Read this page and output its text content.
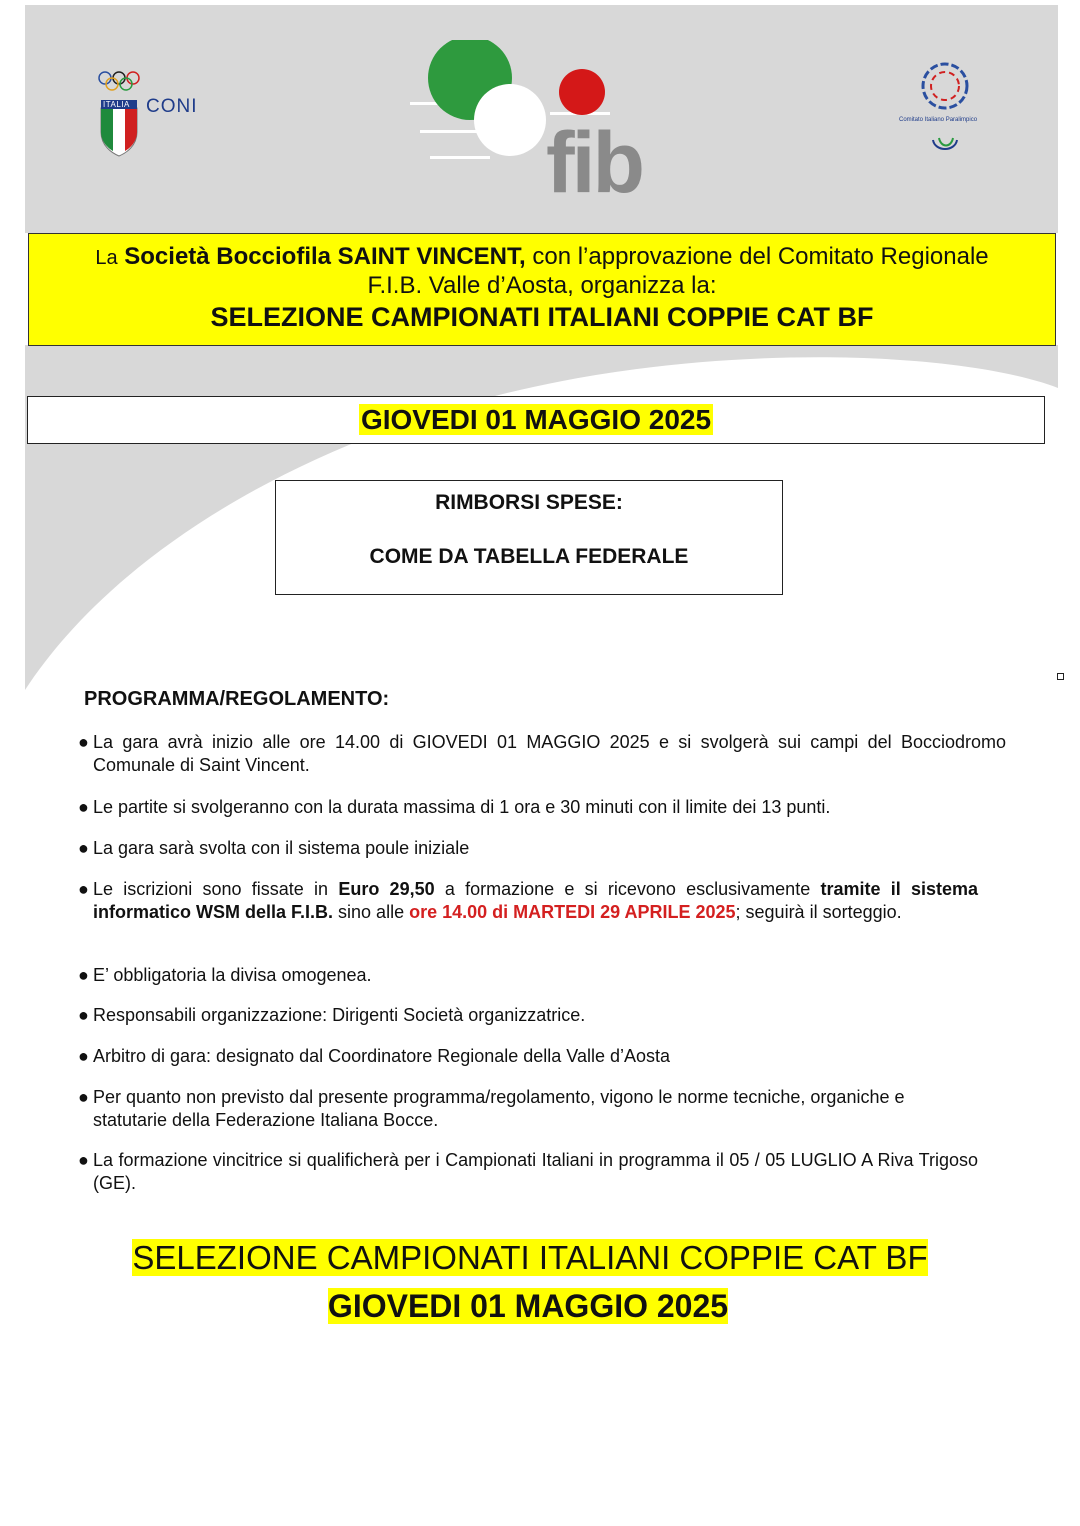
ITALIA CONI
fib	Comitato Italiano Paralimpico
La Società Bocciofila SAINT VINCENT, con l’approvazione del Comitato Regionale
F.I.B. Valle d’Aosta, organizza la:
SELEZIONE CAMPIONATI ITALIANI COPPIE CAT BF
GIOVEDI 01 MAGGIO 2025
RIMBORSI SPESE:
COME DA TABELLA FEDERALE
PROGRAMMA/REGOLAMENTO:
● La gara avrà inizio alle ore 14.00 di GIOVEDI 01 MAGGIO 2025 e si svolgerà sui campi del Bocciodromo Comunale di Saint Vincent.
● Le partite si svolgeranno con la durata massima di 1 ora e 30 minuti con il limite dei 13 punti.
● La gara sarà svolta con il sistema poule iniziale
● Le iscrizioni sono fissate in Euro 29,50 a formazione e si ricevono esclusivamente tramite il sistema informatico WSM della F.I.B. sino alle ore 14.00 di MARTEDI 29 APRILE 2025; seguirà il sorteggio.
● E’ obbligatoria la divisa omogenea.
● Responsabili organizzazione: Dirigenti Società organizzatrice.
● Arbitro di gara: designato dal Coordinatore Regionale della Valle d’Aosta
● Per quanto non previsto dal presente programma/regolamento, vigono le norme tecniche, organiche e statutarie della Federazione Italiana Bocce.
● La formazione vincitrice si qualificherà per i Campionati Italiani in programma il 05 / 05 LUGLIO A Riva Trigoso (GE).
SELEZIONE CAMPIONATI ITALIANI COPPIE CAT BF
GIOVEDI 01 MAGGIO 2025
